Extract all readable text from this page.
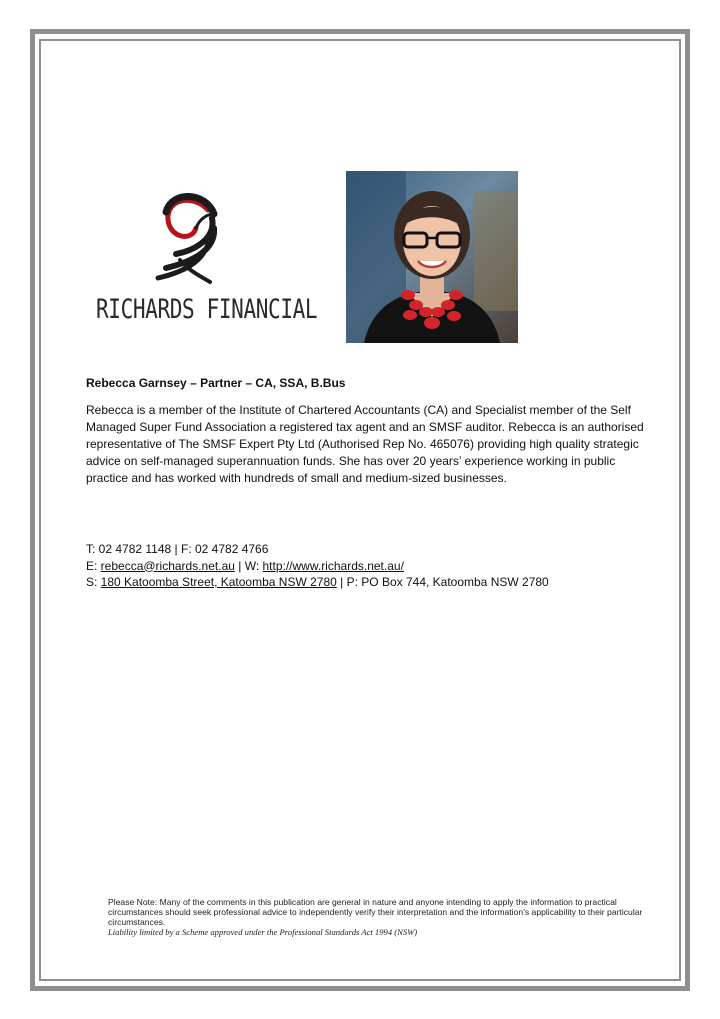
RICHARDS FINANCIAL

Rebecca Garnsey – Partner – CA, SSA, B.Bus

Rebecca is a member of the Institute of Chartered Accountants (CA) and Specialist member of the Self Managed Super Fund Association a registered tax agent and an SMSF auditor. Rebecca is an authorised representative of The SMSF Expert Pty Ltd (Authorised Rep No. 465076) providing high quality strategic advice on self-managed superannuation funds. She has over 20 years’ experience working in public practice and has worked with hundreds of small and medium-sized businesses.

T: 02 4782 1148 | F: 02 4782 4766
E: rebecca@richards.net.au | W: http://www.richards.net.au/
S: 180 Katoomba Street, Katoomba NSW 2780 | P: PO Box 744, Katoomba NSW 2780
Please Note: Many of the comments in this publication are general in nature and anyone intending to apply the information to practical circumstances should seek professional advice to independently verify their interpretation and the information’s applicability to their particular circumstances.
Liability limited by a Scheme approved under the Professional Standards Act 1994 (NSW)
